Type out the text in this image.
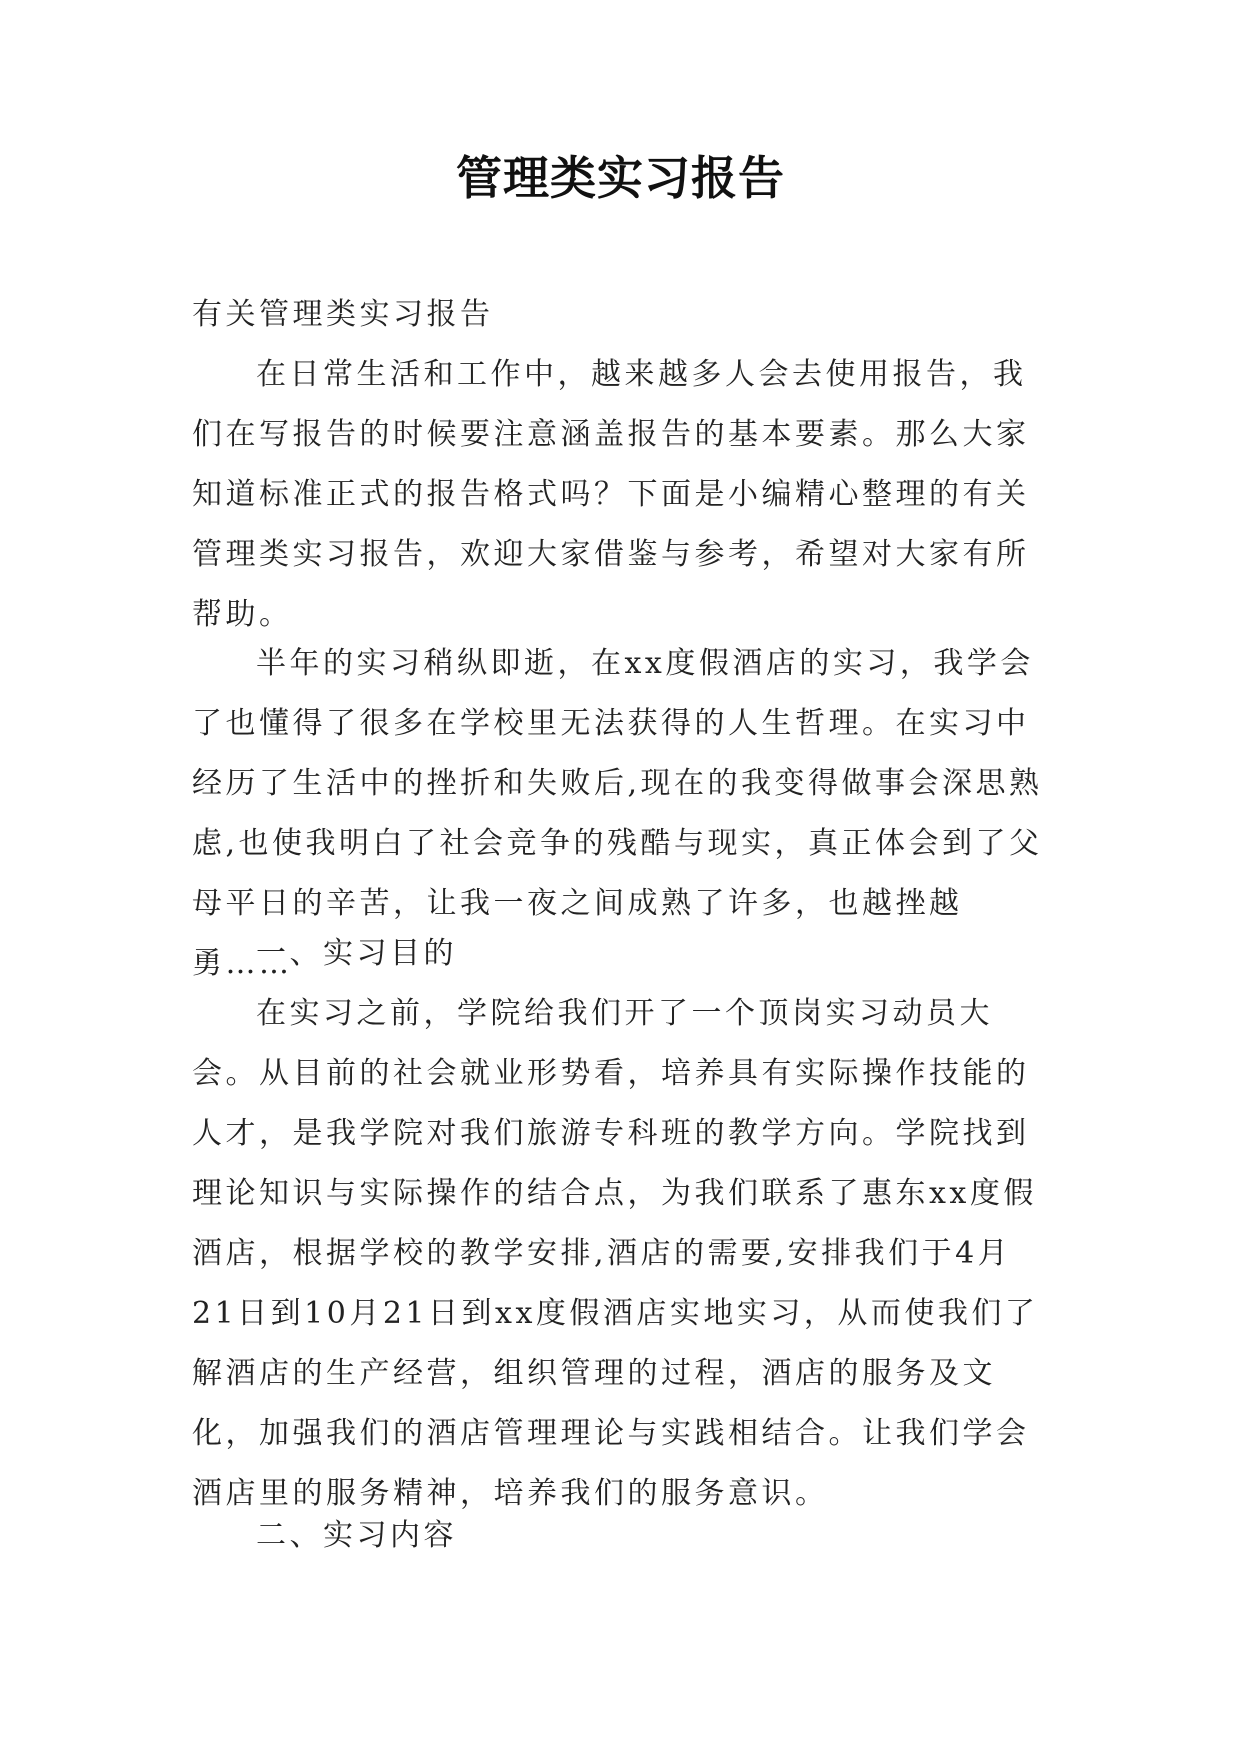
管理类实习报告

有关管理类实习报告

在日常生活和工作中，越来越多人会去使用报告，我们在写报告的时候要注意涵盖报告的基本要素。那么大家知道标准正式的报告格式吗？下面是小编精心整理的有关管理类实习报告，欢迎大家借鉴与参考，希望对大家有所帮助。

半年的实习稍纵即逝，在xx度假酒店的实习，我学会了也懂得了很多在学校里无法获得的人生哲理。在实习中经历了生活中的挫折和失败后,现在的我变得做事会深思熟虑,也使我明白了社会竞争的残酷与现实，真正体会到了父母平日的辛苦，让我一夜之间成熟了许多，也越挫越勇……

一、实习目的

在实习之前，学院给我们开了一个顶岗实习动员大会。从目前的社会就业形势看，培养具有实际操作技能的人才，是我学院对我们旅游专科班的教学方向。学院找到理论知识与实际操作的结合点，为我们联系了惠东xx度假酒店，根据学校的教学安排,酒店的需要,安排我们于4月21日到10月21日到xx度假酒店实地实习，从而使我们了解酒店的生产经营，组织管理的过程，酒店的服务及文化，加强我们的酒店管理理论与实践相结合。让我们学会酒店里的服务精神，培养我们的服务意识。

二、实习内容
